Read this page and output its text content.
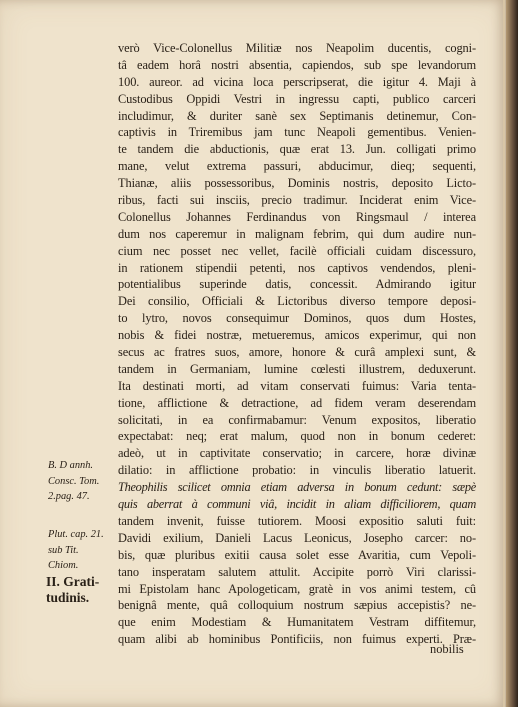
verò Vice-Colonellus Militiæ nos Neapolim ducentis, cogni-
tâ eadem horâ nostri absentia, capiendos, sub spe levandorum
100. aureor. ad vicina loca perscripserat, die igitur 4. Maji à
Custodibus Oppidi Vestri in ingressu capti, publico carceri
includimur, & duriter sanè sex Septimanis detinemur, Con-
captivis in Triremibus jam tunc Neapoli gementibus. Venien-
te tandem die abductionis, quæ erat 13. Jun. colligati primo
mane, velut extrema passuri, abducimur, dieq; sequenti,
Thianæ, aliis possessoribus, Dominis nostris, deposito Licto-
ribus, facti sui insciis, precio tradimur. Inciderat enim Vice-
Colonellus Johannes Ferdinandus von Ringsmaul / interea
dum nos caperemur in malignam febrim, qui dum audire nun-
cium nec posset nec vellet, facilè officiali cuidam discessuro,
in rationem stipendii petenti, nos captivos vendendos, pleni-
potentialibus superinde datis, concessit. Admirando igitur
Dei consilio, Officiali & Lictoribus diverso tempore deposi-
to lytro, novos consequimur Dominos, quos dum Hostes,
nobis & fidei nostræ, metueremus, amicos experimur, qui non
secus ac fratres suos, amore, honore & curâ amplexi sunt, &
tandem in Germaniam, lumine cœlesti illustrem, deduxerunt.
Ita destinati morti, ad vitam conservati fuimus: Varia tenta-
tione, afflictione & detractione, ad fidem veram deserendam
solicitati, in ea confirmabamur: Venum expositos, liberatio
expectabat: neq; erat malum, quod non in bonum cederet:
adeò, ut in captivitate conservatio; in carcere, horæ divinæ
dilatio: in afflictione probatio: in vinculis liberatio latuerit.
Theophilis scilicet omnia etiam adversa in bonum cedunt: sæpè
quis aberrat à communi viâ, incidit in aliam difficiliorem, quam
tandem invenit, fuisse tutiorem. Moosi expositio saluti fuit:
Davidi exilium, Danieli Lacus Leonicus, Josepho carcer: no-
bis, quæ pluribus exitii causa solet esse Avaritia, cum Vepoli-
tano insperatam salutem attulit. Accipite porrò Viri clarissi-
mi Epistolam hanc Apologeticam, gratè in vos animi testem, cû
benignâ mente, quâ colloquium nostrum sæpius accepistis? ne-
que enim Modestiam & Humanitatem Vestram diffitemur,
quam alibi ab hominibus Pontificiis, non fuimus experti. Præ-
nobilis
B. D annh.
Consc. Tom.
2.pag. 47.
Plut. cap. 21.
sub Tit.
Chiom.
II. Grati-
tudinis.
